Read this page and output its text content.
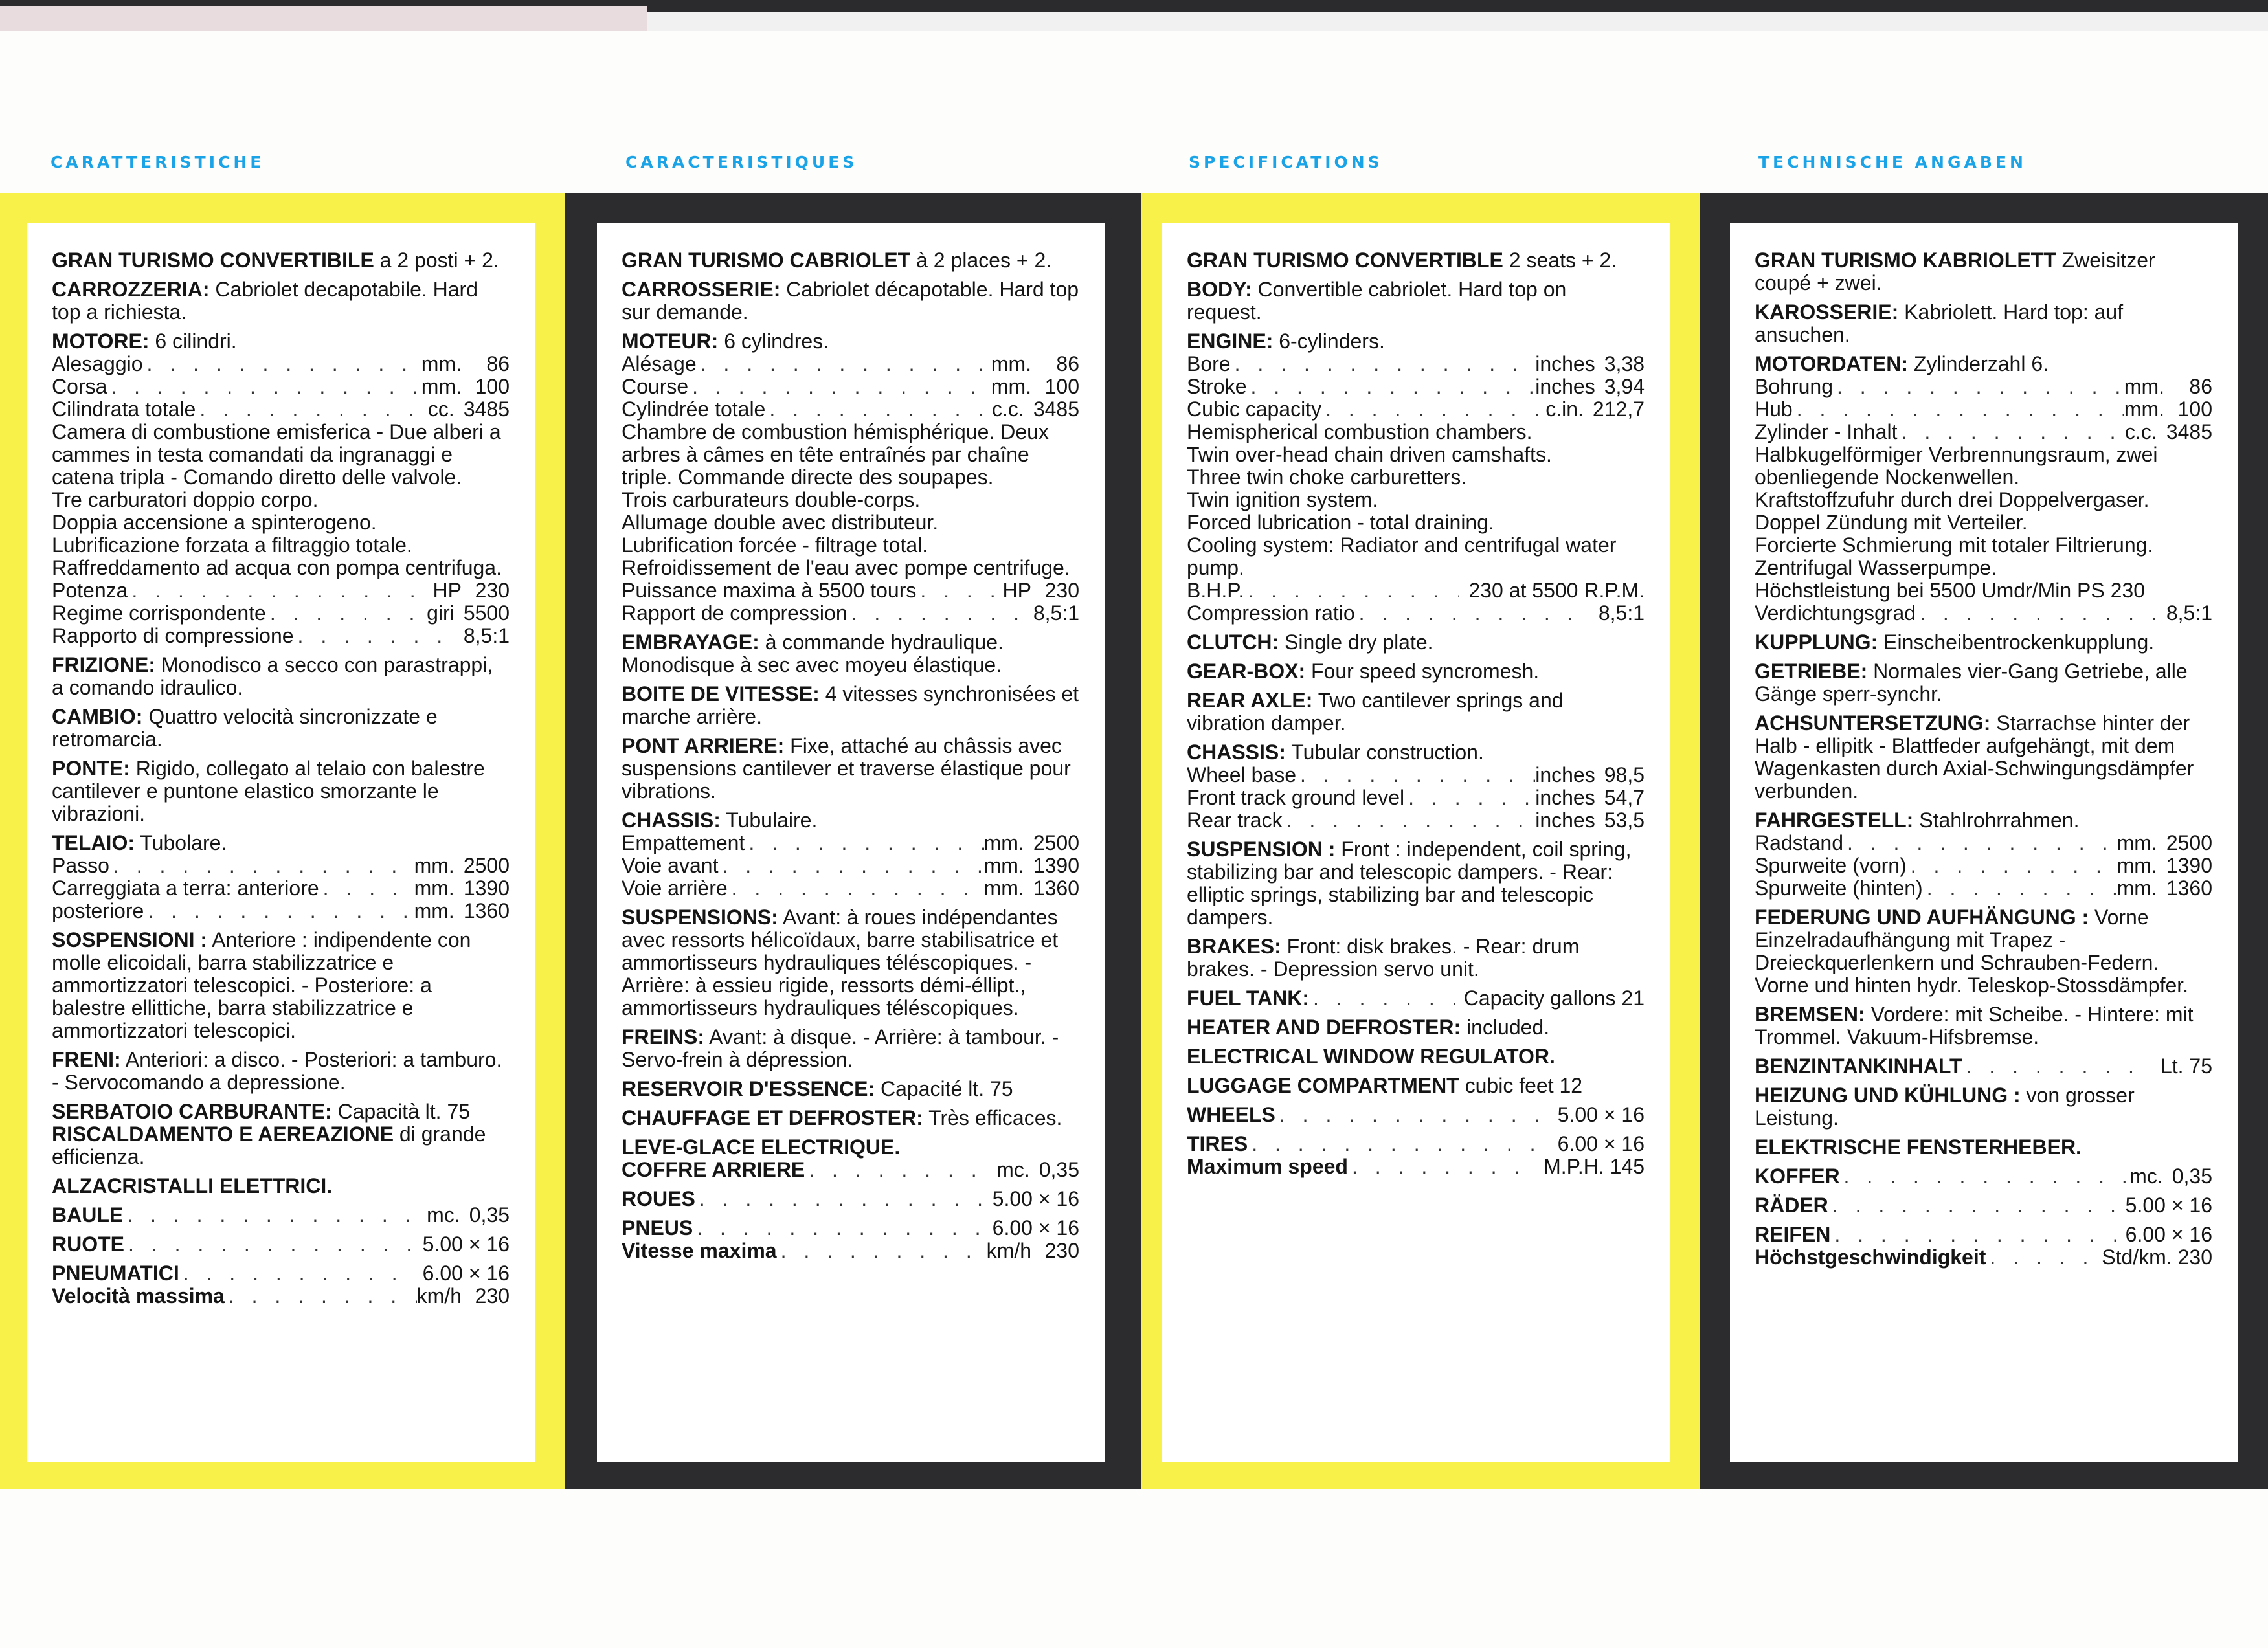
CARATTERISTICHE	CARACTERISTIQUES	SPECIFICATIONS	TECHNISCHE ANGABEN
GRAN TURISMO CONVERTIBILE a 2 posti + 2.
CARROZZERIA: Cabriolet decapotabile. Hard top a richiesta.
MOTORE: 6 cilindri.
Alesaggio . . .	mm.	86
Corsa . . .	mm. 100
Cilindrata totale . . .	cc. 3485
Camera di combustione emisferica - Due alberi a cammes in testa comandati da ingranaggi e catena tripla - Comando diretto delle valvole.
Tre carburatori doppio corpo.
Doppia accensione a spinterogeno.
Lubrificazione forzata a filtraggio totale.
Raffreddamento ad acqua con pompa centrifuga.
Potenza . . .	HP 230
Regime corrispondente . . .	giri 5500
Rapporto di compressione . . .	8,5:1
FRIZIONE: Monodisco a secco con parastrappi, a comando idraulico.
CAMBIO: Quattro velocità sincronizzate e retromarcia.
PONTE: Rigido, collegato al telaio con balestre cantilever e puntone elastico smorzante le vibrazioni.
TELAIO: Tubolare.
Passo . . .	mm. 2500
Carreggiata a terra: anteriore . . .	mm. 1390
posteriore . . .	mm. 1360
SOSPENSIONI : Anteriore : indipendente con molle elicoidali, barra stabilizzatrice e ammortizzatori telescopici. - Posteriore: a balestre ellittiche, barra stabilizzatrice e ammortizzatori telescopici.
FRENI: Anteriori: a disco. - Posteriori: a tamburo. - Servocomando a depressione.
SERBATOIO CARBURANTE: Capacità lt. 75
RISCALDAMENTO E AEREAZIONE di grande efficienza.
ALZACRISTALLI ELETTRICI.
BAULE . . .	mc. 0,35
RUOTE . . .	5.00 × 16
PNEUMATICI . . .	6.00 × 16
Velocità massima . . .	km/h 230
GRAN TURISMO CABRIOLET à 2 places + 2.
CARROSSERIE: Cabriolet décapotable. Hard top sur demande.
MOTEUR: 6 cylindres.
Alésage . . .	mm.	86
Course . . .	mm. 100
Cylindrée totale . . .	c.c. 3485
Chambre de combustion hémisphérique. Deux arbres à câmes en tête entraînés par chaîne triple. Commande directe des soupapes.
Trois carburateurs double-corps.
Allumage double avec distributeur.
Lubrification forcée - filtrage total. Refroidissement de l'eau avec pompe centrifuge.
Puissance maxima à 5500 tours . . .	HP 230
Rapport de compression . . .	8,5:1
EMBRAYAGE: à commande hydraulique. Monodisque à sec avec moyeu élastique.
BOITE DE VITESSE: 4 vitesses synchronisées et marche arrière.
PONT ARRIERE: Fixe, attaché au châssis avec suspensions cantilever et traverse élastique pour vibrations.
CHASSIS: Tubulaire.
Empattement . . .	mm. 2500
Voie avant . . .	mm. 1390
Voie arrière . . .	mm. 1360
SUSPENSIONS: Avant: à roues indépendantes avec ressorts hélicoïdaux, barre stabilisatrice et ammortisseurs hydrauliques téléscopiques. - Arrière: à essieu rigide, ressorts démi-éllipt., ammortisseurs hydrauliques téléscopiques.
FREINS: Avant: à disque. - Arrière: à tambour. - Servo-frein à dépression.
RESERVOIR D'ESSENCE: Capacité lt. 75
CHAUFFAGE ET DEFROSTER: Très efficaces.
LEVE-GLACE ELECTRIQUE.
COFFRE ARRIERE . . .	mc. 0,35
ROUES . . .	5.00 × 16
PNEUS . . .	6.00 × 16
Vitesse maxima . . .	km/h 230
GRAN TURISMO CONVERTIBLE 2 seats + 2.
BODY: Convertible cabriolet. Hard top on request.
ENGINE: 6-cylinders.
Bore . . .	inches 3,38
Stroke . . .	inches 3,94
Cubic capacity . . .	c.in. 212,7
Hemispherical combustion chambers.
Twin over-head chain driven camshafts.
Three twin choke carburetters.
Twin ignition system.
Forced lubrication - total draining.
Cooling system: Radiator and centrifugal water pump.
B.H.P. . . .	230 at 5500 R.P.M.
Compression ratio . . .	8,5:1
CLUTCH: Single dry plate.
GEAR-BOX: Four speed syncromesh.
REAR AXLE: Two cantilever springs and vibration damper.
CHASSIS: Tubular construction.
Wheel base . . .	inches 98,5
Front track ground level . . .	inches 54,7
Rear track . . .	inches 53,5
SUSPENSION : Front : independent, coil spring, stabilizing bar and telescopic dampers. - Rear: elliptic springs, stabilizing bar and telescopic dampers.
BRAKES: Front: disk brakes. - Rear: drum brakes. - Depression servo unit.
FUEL TANK: . . .	Capacity gallons 21
HEATER AND DEFROSTER: included.
ELECTRICAL WINDOW REGULATOR.
LUGGAGE COMPARTMENT cubic feet 12
WHEELS . . .	5.00 × 16
TIRES . . .	6.00 × 16
Maximum speed . . .	M.P.H. 145
GRAN TURISMO KABRIOLETT Zweisitzer coupé + zwei.
KAROSSERIE: Kabriolett. Hard top: auf ansuchen.
MOTORDATEN: Zylinderzahl 6.
Bohrung . . .	mm.	86
Hub . . .	mm. 100
Zylinder - Inhalt . . .	c.c. 3485
Halbkugelförmiger Verbrennungsraum, zwei obenliegende Nockenwellen.
Kraftstoffzufuhr durch drei Doppelvergaser.
Doppel Zündung mit Verteiler.
Forcierte Schmierung mit totaler Filtrierung.
Zentrifugal Wasserpumpe.
Höchstleistung bei 5500 Umdr/Min PS 230
Verdichtungsgrad . . .	8,5:1
KUPPLUNG: Einscheibentrockenkupplung.
GETRIEBE: Normales vier-Gang Getriebe, alle Gänge sperr-synchr.
ACHSUNTERSETZUNG: Starrachse hinter der Halb - ellipitk - Blattfeder aufgehängt, mit dem Wagenkasten durch Axial-Schwingungsdämpfer verbunden.
FAHRGESTELL: Stahlrohrrahmen.
Radstand . . .	mm. 2500
Spurweite (vorn) . . .	mm. 1390
Spurweite (hinten) . . .	mm. 1360
FEDERUNG UND AUFHÄNGUNG : Vorne Einzelradaufhängung mit Trapez - Dreieckquerlenkern und Schrauben-Federn. Vorne und hinten hydr. Teleskop-Stossdämpfer.
BREMSEN: Vordere: mit Scheibe. - Hintere: mit Trommel. Vakuum-Hifsbremse.
BENZINTANKINHALT . . .	Lt. 75
HEIZUNG UND KÜHLUNG : von grosser Leistung.
ELEKTRISCHE FENSTERHEBER.
KOFFER . . .	mc. 0,35
RÄDER . . .	5.00 × 16
REIFEN . . .	6.00 × 16
Höchstgeschwindigkeit . . .	Std/km. 230
